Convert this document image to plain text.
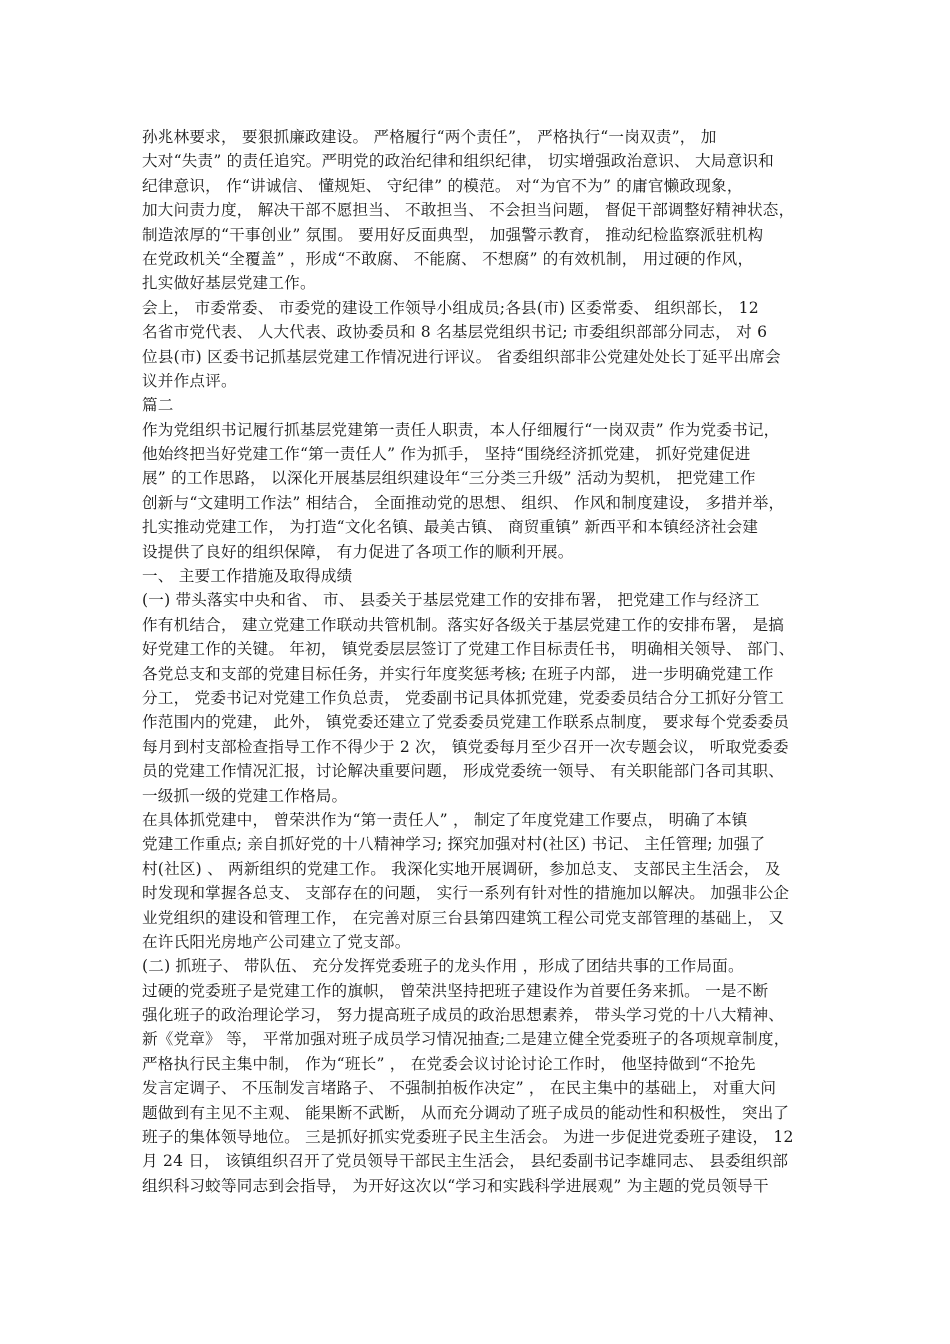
孙兆林要求， 要狠抓廉政建设。 严格履行“两个责任”， 严格执行“一岗双责”， 加
大对“失责” 的责任追究。严明党的政治纪律和组织纪律， 切实增强政治意识、 大局意识和
纪律意识， 作“讲诚信、 懂规矩、 守纪律” 的模范。 对“为官不为” 的庸官懒政现象，
加大问责力度， 解决干部不愿担当、 不敢担当、 不会担当问题， 督促干部调整好精神状态，
制造浓厚的“干事创业” 氛围。 要用好反面典型， 加强警示教育， 推动纪检监察派驻机构
在党政机关“全覆盖” ，形成“不敢腐、 不能腐、 不想腐” 的有效机制， 用过硬的作风，
扎实做好基层党建工作。
会上， 市委常委、 市委党的建设工作领导小组成员;各县(市) 区委常委、 组织部长， 12
名省市党代表、 人大代表、政协委员和 8 名基层党组织书记; 市委组织部部分同志， 对 6
位县(市) 区委书记抓基层党建工作情况进行评议。 省委组织部非公党建处处长丁延平出席会
议并作点评。
篇二
作为党组织书记履行抓基层党建第一责任人职责，本人仔细履行“一岗双责” 作为党委书记，
他始终把当好党建工作“第一责任人” 作为抓手， 坚持“围绕经济抓党建， 抓好党建促进
展” 的工作思路， 以深化开展基层组织建设年“三分类三升级” 活动为契机， 把党建工作
创新与“文建明工作法” 相结合， 全面推动党的思想、 组织、 作风和制度建设， 多措并举，
扎实推动党建工作， 为打造“文化名镇、最美古镇、 商贸重镇” 新西平和本镇经济社会建
设提供了良好的组织保障， 有力促进了各项工作的顺利开展。
一、 主要工作措施及取得成绩
(一) 带头落实中央和省、 市、 县委关于基层党建工作的安排布署， 把党建工作与经济工
作有机结合， 建立党建工作联动共管机制。落实好各级关于基层党建工作的安排布署， 是搞
好党建工作的关键。 年初， 镇党委层层签订了党建工作目标责任书， 明确相关领导、 部门、
各党总支和支部的党建目标任务，并实行年度奖惩考核; 在班子内部， 进一步明确党建工作
分工， 党委书记对党建工作负总责， 党委副书记具体抓党建，党委委员结合分工抓好分管工
作范围内的党建， 此外， 镇党委还建立了党委委员党建工作联系点制度， 要求每个党委委员
每月到村支部检查指导工作不得少于 2 次， 镇党委每月至少召开一次专题会议， 听取党委委
员的党建工作情况汇报，讨论解决重要问题， 形成党委统一领导、 有关职能部门各司其职、
一级抓一级的党建工作格局。
在具体抓党建中， 曾荣洪作为“第一责任人” ， 制定了年度党建工作要点， 明确了本镇
党建工作重点; 亲自抓好党的十八精神学习; 探究加强对村(社区) 书记、 主任管理; 加强了
村(社区) 、 两新组织的党建工作。 我深化实地开展调研，参加总支、 支部民主生活会， 及
时发现和掌握各总支、 支部存在的问题， 实行一系列有针对性的措施加以解决。 加强非公企
业党组织的建设和管理工作， 在完善对原三台县第四建筑工程公司党支部管理的基础上， 又
在许氏阳光房地产公司建立了党支部。
(二) 抓班子、 带队伍、 充分发挥党委班子的龙头作用 ，形成了团结共事的工作局面。
过硬的党委班子是党建工作的旗帜， 曾荣洪坚持把班子建设作为首要任务来抓。 一是不断
强化班子的政治理论学习， 努力提高班子成员的政治思想素养， 带头学习党的十八大精神、
新《党章》 等， 平常加强对班子成员学习情况抽查;二是建立健全党委班子的各项规章制度，
严格执行民主集中制， 作为“班长” ， 在党委会议讨论讨论工作时， 他坚持做到“不抢先
发言定调子、 不压制发言堵路子、 不强制拍板作决定” ， 在民主集中的基础上， 对重大问
题做到有主见不主观、 能果断不武断， 从而充分调动了班子成员的能动性和积极性， 突出了
班子的集体领导地位。 三是抓好抓实党委班子民主生活会。 为进一步促进党委班子建设， 12
月 24 日， 该镇组织召开了党员领导干部民主生活会， 县纪委副书记李雄同志、 县委组织部
组织科习蛟等同志到会指导， 为开好这次以“学习和实践科学进展观” 为主题的党员领导干
